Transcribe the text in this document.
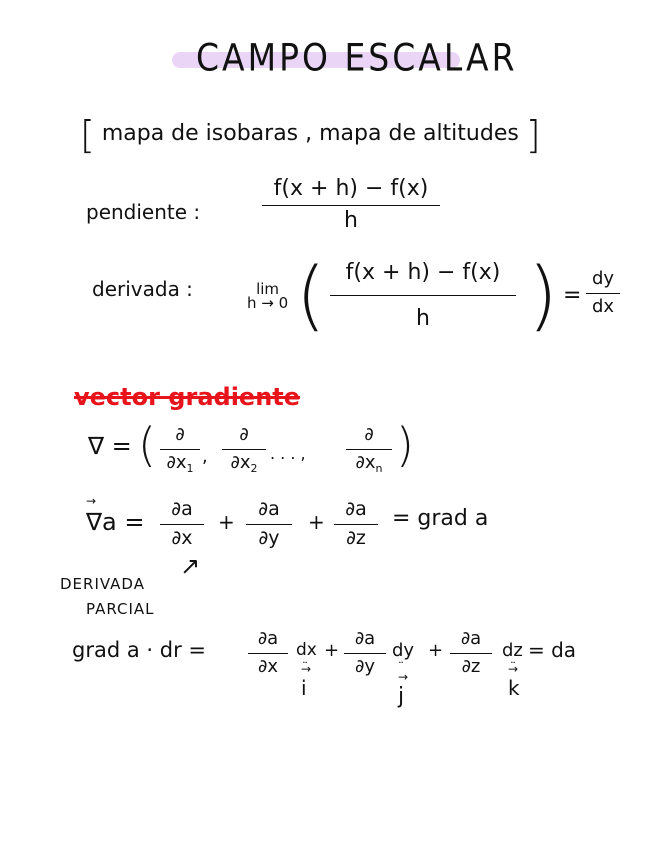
CAMPO ESCALAR
[ mapa de isobaras , mapa de altitudes ]
pendiente :
f(x + h) − f(x)
h
derivada :	lim
h → 0 ( f(x + h) − f(x)
h	) =
dy
dx
vector gradiente
∇ = (	∂
$\partial x_1$
,
∂
$\partial x_2$
. . . ,
∂
$\partial x_n$ )
→ ∇a =	∂a
∂x
+
∂a
∂y
+
∂a
∂z
= grad a
↗
DERIVADA
PARCIAL
grad a · dr =	∂a
∂x
dx
¨
→ i
+
∂a
∂y
dy
¨
→ j
+
∂a
∂z
dz
¨
→ k
= da
